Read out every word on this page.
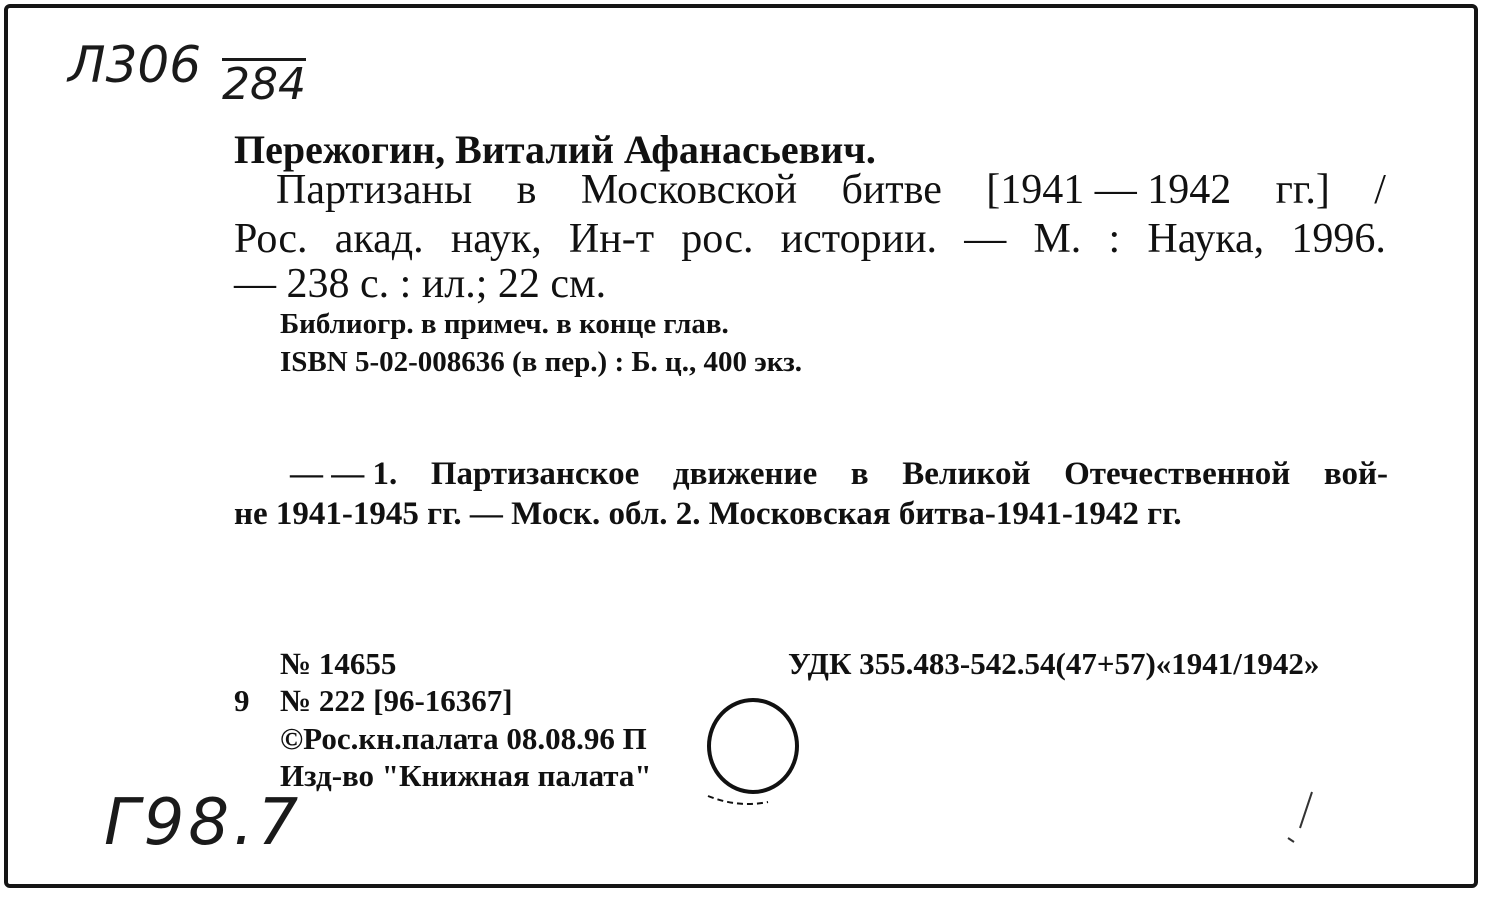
Л306 284
Пережогин, Виталий Афанасьевич.
Партизаны в Московской битве [1941 — 1942 гг.] /
Рос. акад. наук, Ин-т рос. истории. — М. : Наука, 1996.
— 238 с. : ил.; 22 см.
Библиогр. в примеч. в конце глав.
ISBN 5-02-008636 (в пер.) : Б. ц., 400 экз.
— — 1. Партизанское движение в Великой Отечественной вой-
не 1941-1945 гг. — Моск. обл. 2. Московская битва-1941-1942 гг.
№ 14655	УДК 355.483-542.54(47+57)«1941/1942»
9 № 222 [96-16367]
©Рос.кн.палата 08.08.96 П
Изд-во "Книжная палата"
Г98.7
